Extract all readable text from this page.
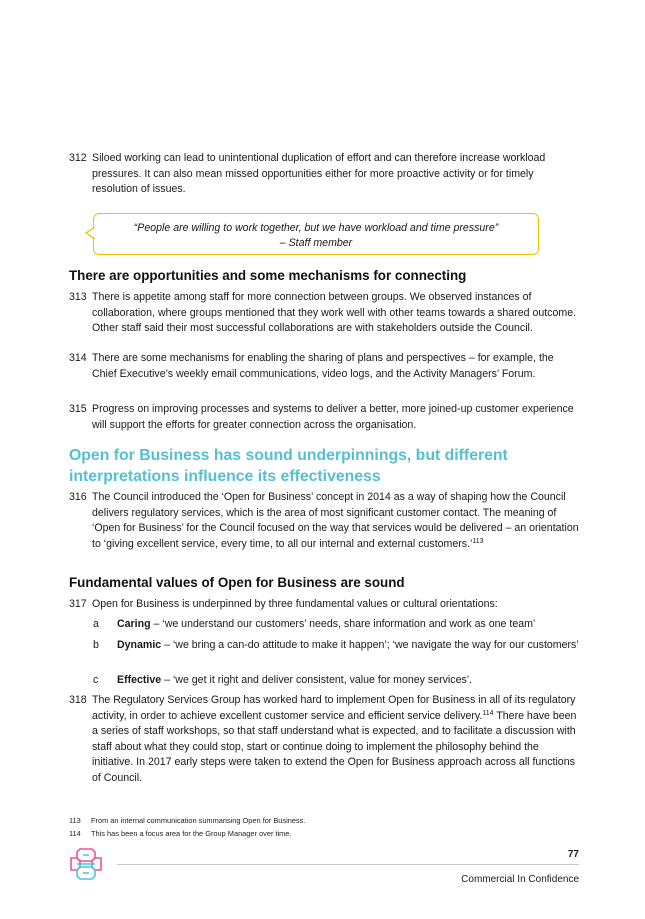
312 Siloed working can lead to unintentional duplication of effort and can therefore increase workload pressures. It can also mean missed opportunities either for more proactive activity or for timely resolution of issues.
“People are willing to work together, but we have workload and time pressure”
– Staff member
There are opportunities and some mechanisms for connecting
313 There is appetite among staff for more connection between groups. We observed instances of collaboration, where groups mentioned that they work well with other teams towards a shared outcome. Other staff said their most successful collaborations are with stakeholders outside the Council.
314 There are some mechanisms for enabling the sharing of plans and perspectives – for example, the Chief Executive’s weekly email communications, video logs, and the Activity Managers’ Forum.
315 Progress on improving processes and systems to deliver a better, more joined-up customer experience will support the efforts for greater connection across the organisation.
Open for Business has sound underpinnings, but different interpretations influence its effectiveness
316 The Council introduced the ‘Open for Business’ concept in 2014 as a way of shaping how the Council delivers regulatory services, which is the area of most significant customer contact. The meaning of ‘Open for Business’ for the Council focused on the way that services would be delivered – an orientation to ‘giving excellent service, every time, to all our internal and external customers.’$^{113}$
Fundamental values of Open for Business are sound
317 Open for Business is underpinned by three fundamental values or cultural orientations:
a Caring – ‘we understand our customers’ needs, share information and work as one team’
b Dynamic – ‘we bring a can-do attitude to make it happen’; ‘we navigate the way for our customers’
c Effective – ‘we get it right and deliver consistent, value for money services’.
318 The Regulatory Services Group has worked hard to implement Open for Business in all of its regulatory activity, in order to achieve excellent customer service and efficient service delivery.$^{114}$ There have been a series of staff workshops, so that staff understand what is expected, and to facilitate a discussion with staff about what they could stop, start or continue doing to implement the philosophy behind the initiative. In 2017 early steps were taken to extend the Open for Business approach across all functions of Council.
113 From an internal communication summarising Open for Business.
114 This has been a focus area for the Group Manager over time.
77
Commercial In Confidence
